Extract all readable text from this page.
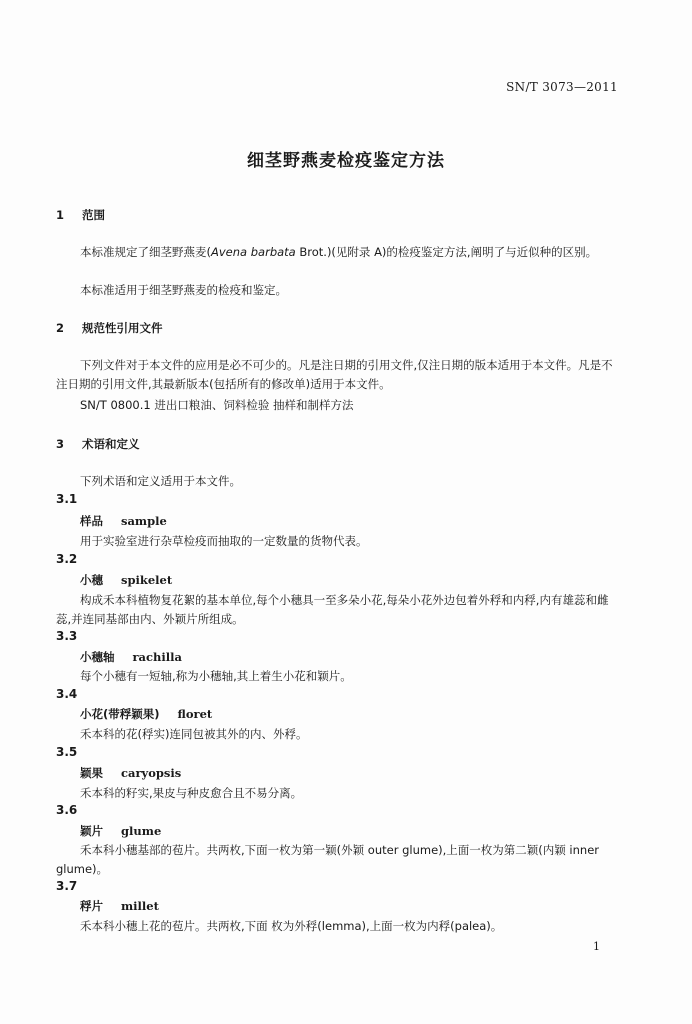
SN/T 3073—2011
细茎野燕麦检疫鉴定方法
1 范围
本标准规定了细茎野燕麦(Avena barbata Brot.)(见附录 A)的检疫鉴定方法,阐明了与近似种的区别。
本标准适用于细茎野燕麦的检疫和鉴定。
2 规范性引用文件
下列文件对于本文件的应用是必不可少的。凡是注日期的引用文件,仅注日期的版本适用于本文件。凡是不注日期的引用文件,其最新版本(包括所有的修改单)适用于本文件。
SN/T 0800.1 进出口粮油、饲料检验 抽样和制样方法
3 术语和定义
下列术语和定义适用于本文件。
3.1
样品 sample
用于实验室进行杂草检疫而抽取的一定数量的货物代表。
3.2
小穗 spikelet
构成禾本科植物复花絮的基本单位,每个小穗具一至多朵小花,每朵小花外边包着外稃和内稃,内有雄蕊和雌蕊,并连同基部由内、外颖片所组成。
3.3
小穗轴 rachilla
每个小穗有一短轴,称为小穗轴,其上着生小花和颖片。
3.4
小花(带稃颖果) floret
禾本科的花(稃实)连同包被其外的内、外稃。
3.5
颖果 caryopsis
禾本科的籽实,果皮与种皮愈合且不易分离。
3.6
颖片 glume
禾本科小穗基部的苞片。共两枚,下面一枚为第一颖(外颖 outer glume),上面一枚为第二颖(内颖 inner glume)。
3.7
稃片 millet
禾本科小穗上花的苞片。共两枚,下面 枚为外稃(lemma),上面一枚为内稃(palea)。
1
